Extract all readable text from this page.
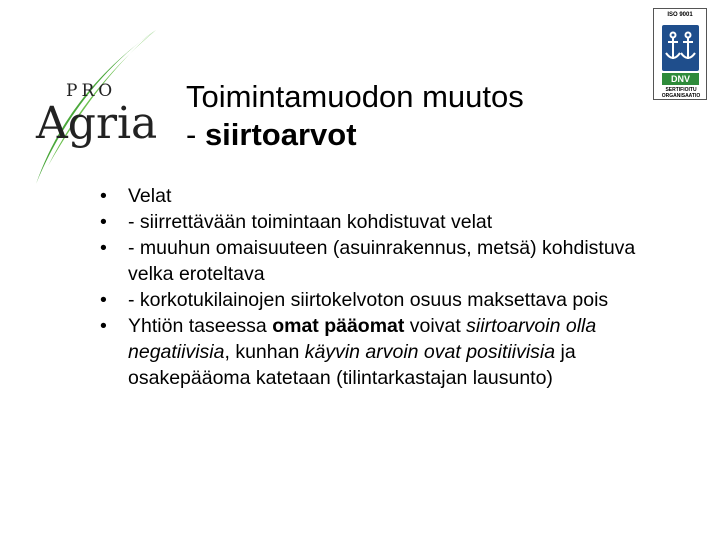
PRO
Agria
Toimintamuodon muutos
- siirtoarvot
ISO 9001
DNV
SERTIFIOITU ORGANISAATIO
• Velat
• - siirrettävään toimintaan kohdistuvat velat
• - muuhun omaisuuteen (asuinrakennus, metsä) kohdistuva velka eroteltava
• - korkotukilainojen siirtokelvoton osuus maksettava pois
• Yhtiön taseessa omat pääomat voivat siirtoarvoin olla negatiivisia, kunhan käyvin arvoin ovat positiivisia ja osakepääoma katetaan (tilintarkastajan lausunto)
